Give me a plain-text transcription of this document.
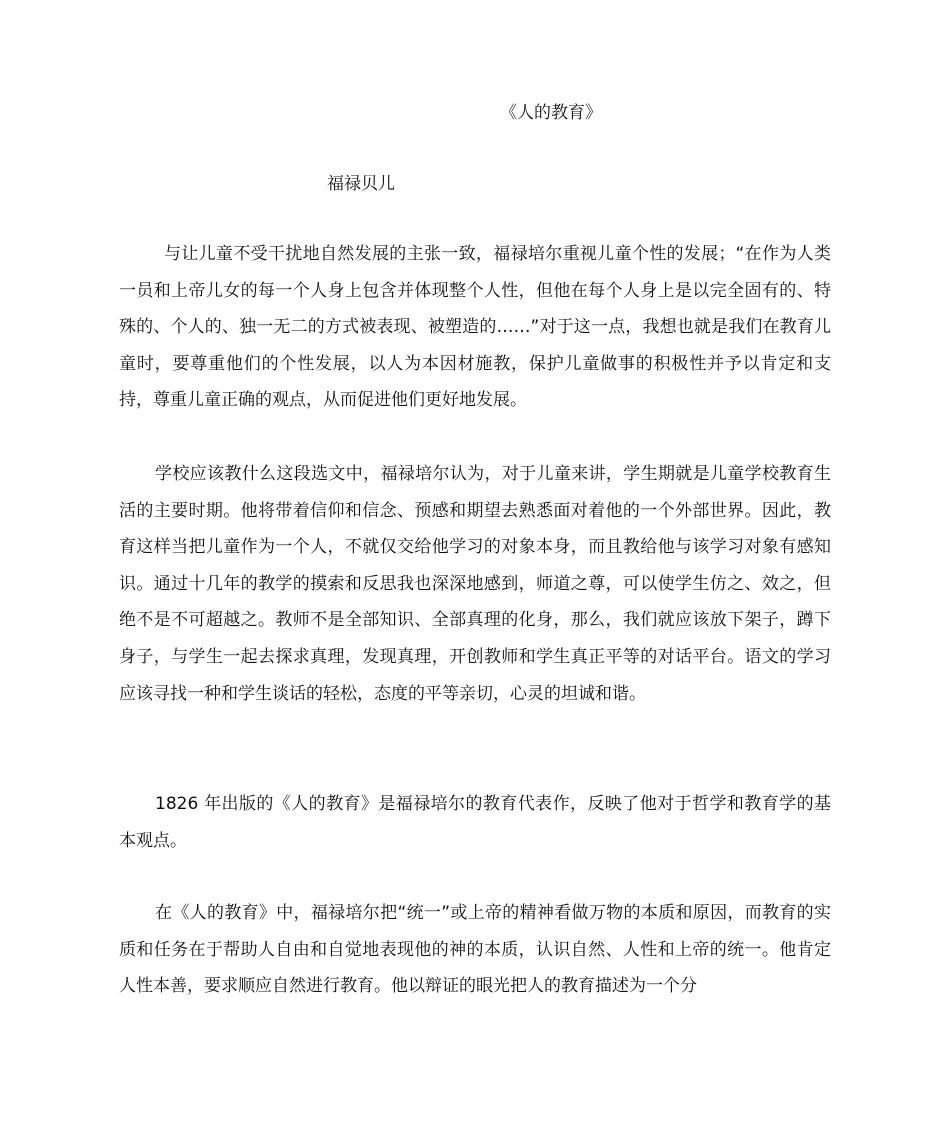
《人的教育》
福禄贝儿

与让儿童不受干扰地自然发展的主张一致，福禄培尔重视儿童个性的发展；“在作为人类一员和上帝儿女的每一个人身上包含并体现整个人性，但他在每个人身上是以完全固有的、特殊的、个人的、独一无二的方式被表现、被塑造的……”对于这一点，我想也就是我们在教育儿童时，要尊重他们的个性发展，以人为本因材施教，保护儿童做事的积极性并予以肯定和支持，尊重儿童正确的观点，从而促进他们更好地发展。

学校应该教什么这段选文中，福禄培尔认为，对于儿童来讲，学生期就是儿童学校教育生活的主要时期。他将带着信仰和信念、预感和期望去熟悉面对着他的一个外部世界。因此，教育这样当把儿童作为一个人，不就仅交给他学习的对象本身，而且教给他与该学习对象有感知识。通过十几年的教学的摸索和反思我也深深地感到，师道之尊，可以使学生仿之、效之，但绝不是不可超越之。教师不是全部知识、全部真理的化身，那么，我们就应该放下架子，蹲下身子，与学生一起去探求真理，发现真理，开创教师和学生真正平等的对话平台。语文的学习应该寻找一种和学生谈话的轻松，态度的平等亲切，心灵的坦诚和谐。

1826 年出版的《人的教育》是福禄培尔的教育代表作，反映了他对于哲学和教育学的基本观点。

在《人的教育》中，福禄培尔把“统一”或上帝的精神看做万物的本质和原因，而教育的实质和任务在于帮助人自由和自觉地表现他的神的本质，认识自然、人性和上帝的统一。他肯定人性本善，要求顺应自然进行教育。他以辩证的眼光把人的教育描述为一个分
